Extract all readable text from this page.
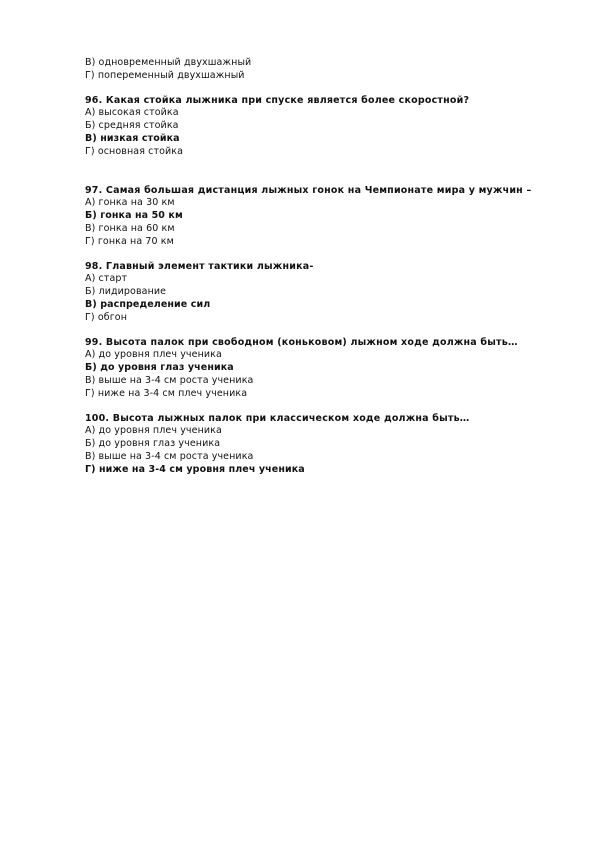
В) одновременный двухшажный
Г) попеременный двухшажный
96. Какая стойка лыжника при спуске является более скоростной?
А) высокая стойка
Б) средняя стойка
В) низкая стойка
Г) основная стойка
97. Самая большая дистанция лыжных гонок на Чемпионате мира у мужчин –
А) гонка на 30 км
Б) гонка на 50 км
В) гонка на 60 км
Г) гонка на 70 км
98. Главный элемент тактики лыжника-
А) старт
Б) лидирование
В) распределение сил
Г) обгон
99. Высота палок при свободном (коньковом) лыжном ходе должна быть…
А) до уровня плеч ученика
Б) до уровня глаз ученика
В) выше на 3-4 см роста ученика
Г) ниже на 3-4 см плеч ученика
100. Высота лыжных палок при классическом ходе должна быть…
А) до уровня плеч ученика
Б) до уровня глаз ученика
В) выше на 3-4 см роста ученика
Г) ниже на 3-4 см уровня плеч ученика
